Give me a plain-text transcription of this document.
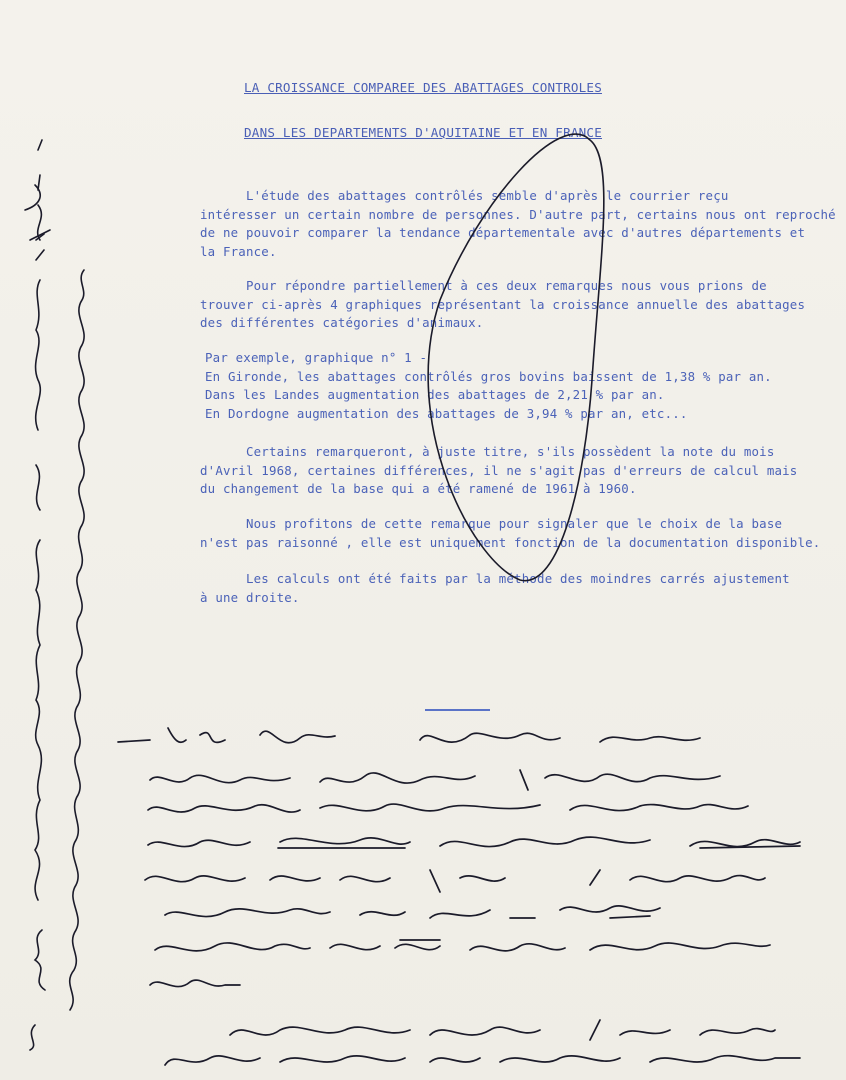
LA CROISSANCE COMPAREE DES ABATTAGES CONTROLES
DANS LES DEPARTEMENTS D'AQUITAINE ET EN FRANCE

L'étude des abattages contrôlés semble d'après le courrier reçu

intéresser un certain nombre de personnes. D'autre part, certains nous ont reproché

de ne pouvoir comparer la tendance départementale avec d'autres départements et

la France.

Pour répondre partiellement à ces deux remarques nous vous prions de

trouver ci-après 4 graphiques représentant la croissance annuelle des abattages

des différentes catégories d'animaux.

Par exemple, graphique n° 1 -

En Gironde, les abattages contrôlés gros bovins baissent de 1,38 % par an.

Dans les Landes augmentation des abattages de 2,21 % par an.

En Dordogne augmentation des abattages de 3,94 % par an, etc...

Certains remarqueront, à juste titre, s'ils possèdent la note du mois

d'Avril 1968, certaines différences, il ne s'agit pas d'erreurs de calcul mais

du changement de la base qui a été ramené de 1961 à 1960.

Nous profitons de cette remarque pour signaler que le choix de la base

n'est pas raisonné , elle est uniquement fonction de la documentation disponible.

Les calculs ont été faits par la méthode des moindres carrés ajustement

à une droite.
